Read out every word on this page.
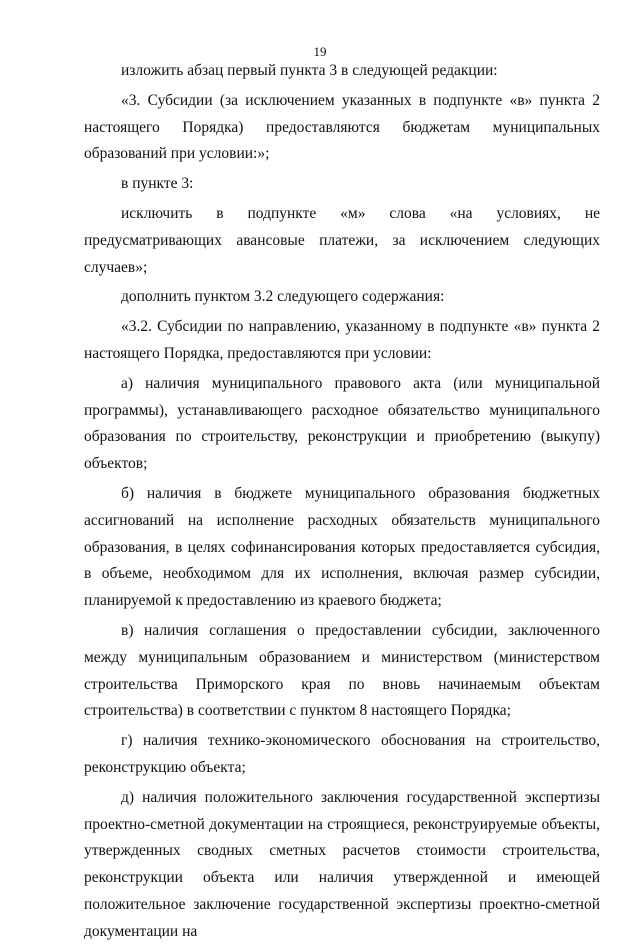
19

изложить абзац первый пункта 3 в следующей редакции:

«3. Субсидии (за исключением указанных в подпункте «в» пункта 2 настоящего Порядка) предоставляются бюджетам муниципальных образований при условии:»;

в пункте 3:

исключить в подпункте «м» слова «на условиях, не предусматривающих авансовые платежи, за исключением следующих случаев»;

дополнить пунктом 3.2 следующего содержания:

«3.2. Субсидии по направлению, указанному в подпункте «в» пункта 2 настоящего Порядка, предоставляются при условии:

а) наличия муниципального правового акта (или муниципальной программы), устанавливающего расходное обязательство муниципального образования по строительству, реконструкции и приобретению (выкупу) объектов;

б) наличия в бюджете муниципального образования бюджетных ассигнований на исполнение расходных обязательств муниципального образования, в целях софинансирования которых предоставляется субсидия, в объеме, необходимом для их исполнения, включая размер субсидии, планируемой к предоставлению из краевого бюджета;

в) наличия соглашения о предоставлении субсидии, заключенного между муниципальным образованием и министерством (министерством строительства Приморского края по вновь начинаемым объектам строительства) в соответствии с пунктом 8 настоящего Порядка;

г) наличия технико-экономического обоснования на строительство, реконструкцию объекта;

д) наличия положительного заключения государственной экспертизы проектно-сметной документации на строящиеся, реконструируемые объекты, утвержденных сводных сметных расчетов стоимости строительства, реконструкции объекта или наличия утвержденной и имеющей положительное заключение государственной экспертизы проектно-сметной документации на
